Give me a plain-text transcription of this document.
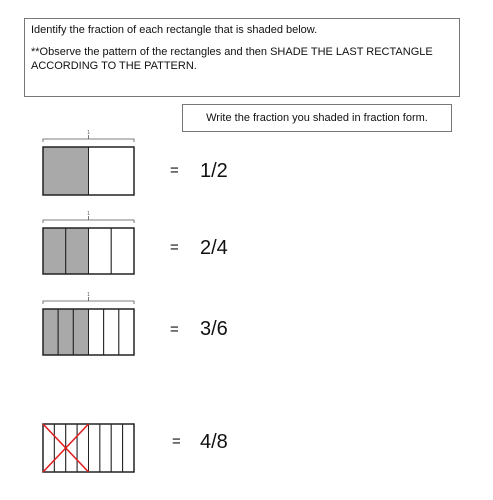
Identify the fraction of each rectangle that is shaded below.
**Observe the pattern of the rectangles and then SHADE THE LAST RECTANGLE ACCORDING TO THE PATTERN.
Write the fraction you shaded in fraction form.
1
1
1
= 1/2
= 2/4
= 3/6
= 4/8
